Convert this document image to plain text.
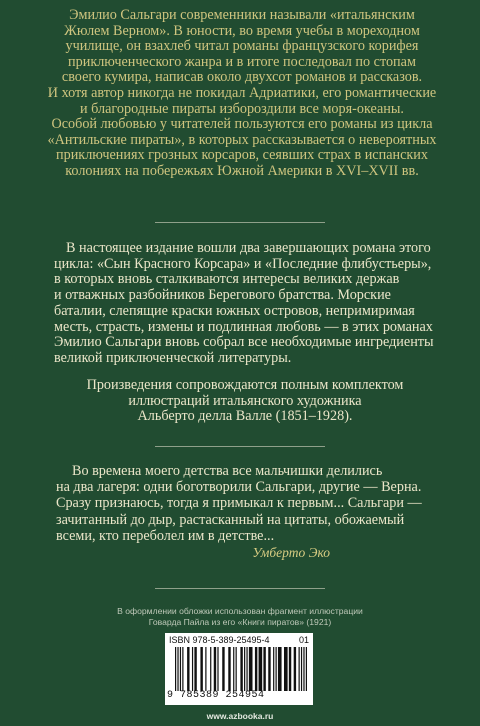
Эмилио Сальгари современники называли «итальянским

Жюлем Верном». В юности, во время учебы в мореходном

училище, он взахлеб читал романы французского корифея

приключенческого жанра и в итоге последовал по стопам

своего кумира, написав около двухсот романов и рассказов.

И хотя автор никогда не покидал Адриатики, его романтические

и благородные пираты избороздили все моря-океаны.

Особой любовью у читателей пользуются его романы из цикла

«Антильские пираты», в которых рассказывается о невероятных

приключениях грозных корсаров, сеявших страх в испанских

колониях на побережьях Южной Америки в XVI–XVII вв.

В настоящее издание вошли два завершающих романа этого

цикла: «Сын Красного Корсара» и «Последние флибустьеры»,

в которых вновь сталкиваются интересы великих держав

и отважных разбойников Берегового братства. Морские

баталии, слепящие краски южных островов, непримиримая

месть, страсть, измены и подлинная любовь — в этих романах

Эмилио Сальгари вновь собрал все необходимые ингредиенты

великой приключенческой литературы.

Произведения сопровождаются полным комплектом

иллюстраций итальянского художника

Альберто делла Валле (1851–1928).

Во времена моего детства все мальчишки делились

на два лагеря: одни боготворили Сальгари, другие — Верна.

Сразу признаюсь, тогда я примыкал к первым... Сальгари —

зачитанный до дыр, растасканный на цитаты, обожаемый

всеми, кто переболел им в детстве...

Умберто Эко
В оформлении обложки использован фрагмент иллюстрации
Говарда Пайла из его «Книги пиратов» (1921)
ISBN 978-5-389-25495-4	01
9 785389 254954
www.azbooka.ru
